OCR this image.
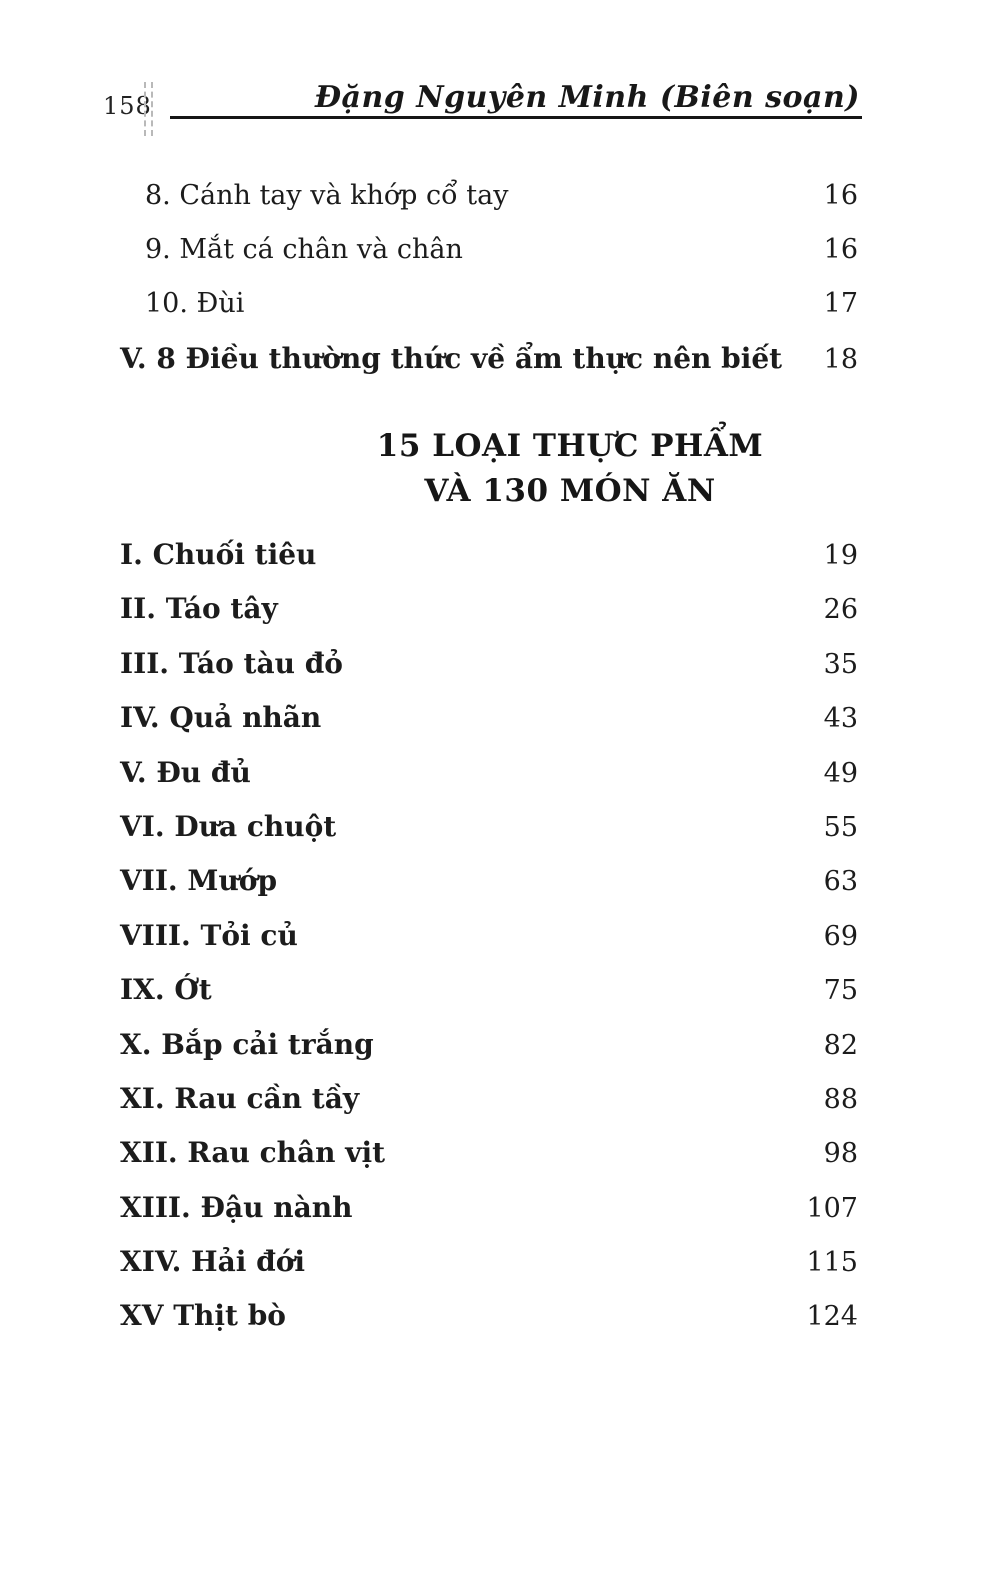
158	Đặng Nguyên Minh (Biên soạn)
8. Cánh tay và khớp cổ tay	16
9. Mắt cá chân và chân	16
10. Đùi	17
V. 8 Điều thường thức về ẩm thực nên biết	18
15 LOẠI THỰC PHẨM
VÀ 130 MÓN ĂN
I. Chuối tiêu	19
II. Táo tây	26
III. Táo tàu đỏ	35
IV. Quả nhãn	43
V. Đu đủ	49
VI. Dưa chuột	55
VII. Mướp	63
VIII. Tỏi củ	69
IX. Ớt	75
X. Bắp cải trắng	82
XI. Rau cần tầy	88
XII. Rau chân vịt	98
XIII. Đậu nành	107
XIV. Hải đới	115
XV Thịt bò	124
